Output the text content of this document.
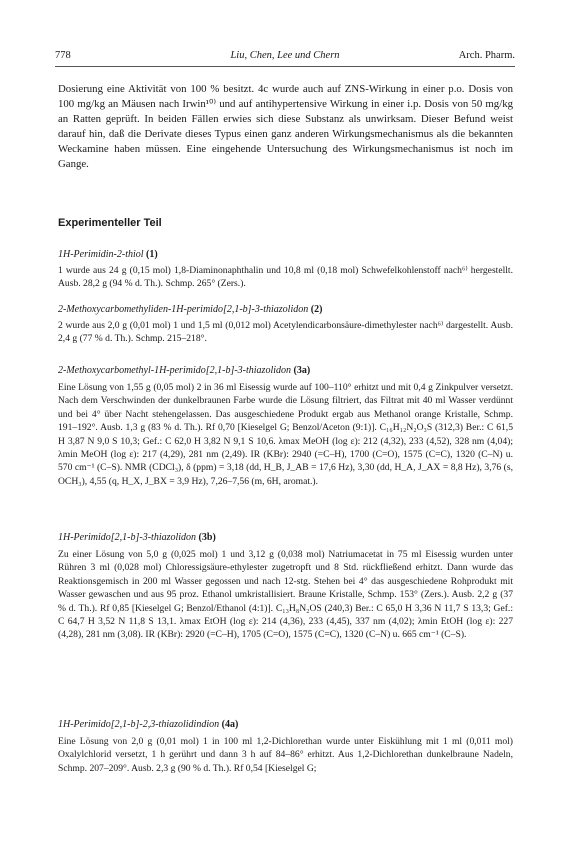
778	Liu, Chen, Lee und Chern	Arch. Pharm.

Dosierung eine Aktivität von 100 % besitzt. 4c wurde auch auf ZNS-Wirkung in einer p.o. Dosis von 100 mg/kg an Mäusen nach Irwin¹⁰⁾ und auf antihypertensive Wirkung in einer i.p. Dosis von 50 mg/kg an Ratten geprüft. In beiden Fällen erwies sich diese Substanz als unwirksam. Dieser Befund weist darauf hin, daß die Derivate dieses Typus einen ganz anderen Wirkungsmechanismus als die bekannten Weckamine haben müssen. Eine eingehende Untersuchung des Wirkungsmechanismus ist noch im Gange.

Experimenteller Teil
1H-Perimidin-2-thiol (1)

1 wurde aus 24 g (0,15 mol) 1,8-Diaminonaphthalin und 10,8 ml (0,18 mol) Schwefelkohlenstoff nach⁶⁾ hergestellt. Ausb. 28,2 g (94 % d. Th.). Schmp. 265° (Zers.).

2-Methoxycarbomethyliden-1H-perimido[2,1-b]-3-thiazolidon (2)

2 wurde aus 2,0 g (0,01 mol) 1 und 1,5 ml (0,012 mol) Acetylendicarbonsäure-dimethylester nach⁶⁾ dargestellt. Ausb. 2,4 g (77 % d. Th.). Schmp. 215–218°.

2-Methoxycarbomethyl-1H-perimido[2,1-b]-3-thiazolidon (3a)

Eine Lösung von 1,55 g (0,05 mol) 2 in 36 ml Eisessig wurde auf 100–110° erhitzt und mit 0,4 g Zinkpulver versetzt. Nach dem Verschwinden der dunkelbraunen Farbe wurde die Lösung filtriert, das Filtrat mit 40 ml Wasser verdünnt und bei 4° über Nacht stehengelassen. Das ausgeschiedene Produkt ergab aus Methanol orange Kristalle, Schmp. 191–192°. Ausb. 1,3 g (83 % d. Th.). Rf 0,70 [Kieselgel G; Benzol/Aceton (9:1)]. C₁₆H₁₂N₂O₃S (312,3) Ber.: C 61,5 H 3,87 N 9,0 S 10,3; Gef.: C 62,0 H 3,82 N 9,1 S 10,6. λmax MeOH (log ε): 212 (4,32), 233 (4,52), 328 nm (4,04); λmin MeOH (log ε): 217 (4,29), 281 nm (2,49). IR (KBr): 2940 (=C–H), 1700 (C=O), 1575 (C=C), 1320 (C–N) u. 570 cm⁻¹ (C–S). NMR (CDCl₃), δ (ppm) = 3,18 (dd, H_B, J_AB = 17,6 Hz), 3,30 (dd, H_A, J_AX = 8,8 Hz), 3,76 (s, OCH₃), 4,55 (q, H_X, J_BX = 3,9 Hz), 7,26–7,56 (m, 6H, aromat.).

1H-Perimido[2,1-b]-3-thiazolidon (3b)

Zu einer Lösung von 5,0 g (0,025 mol) 1 und 3,12 g (0,038 mol) Natriumacetat in 75 ml Eisessig wurden unter Rühren 3 ml (0,028 mol) Chloressigsäure-ethylester zugetropft und 8 Std. rückfließend erhitzt. Dann wurde das Reaktionsgemisch in 200 ml Wasser gegossen und nach 12-stg. Stehen bei 4° das ausgeschiedene Rohprodukt mit Wasser gewaschen und aus 95 proz. Ethanol umkristallisiert. Braune Kristalle, Schmp. 153° (Zers.). Ausb. 2,2 g (37 % d. Th.). Rf 0,85 [Kieselgel G; Benzol/Ethanol (4:1)]. C₁₃H₈N₂OS (240,3) Ber.: C 65,0 H 3,36 N 11,7 S 13,3; Gef.: C 64,7 H 3,52 N 11,8 S 13,1. λmax EtOH (log ε): 214 (4,36), 233 (4,45), 337 nm (4,02); λmin EtOH (log ε): 227 (4,28), 281 nm (3,08). IR (KBr): 2920 (=C–H), 1705 (C=O), 1575 (C=C), 1320 (C–N) u. 665 cm⁻¹ (C–S).

1H-Perimido[2,1-b]-2,3-thiazolidindion (4a)

Eine Lösung von 2,0 g (0,01 mol) 1 in 100 ml 1,2-Dichlorethan wurde unter Eiskühlung mit 1 ml (0,011 mol) Oxalylchlorid versetzt, 1 h gerührt und dann 3 h auf 84–86° erhitzt. Aus 1,2-Dichlorethan dunkelbraune Nadeln, Schmp. 207–209°. Ausb. 2,3 g (90 % d. Th.). Rf 0,54 [Kieselgel G;
